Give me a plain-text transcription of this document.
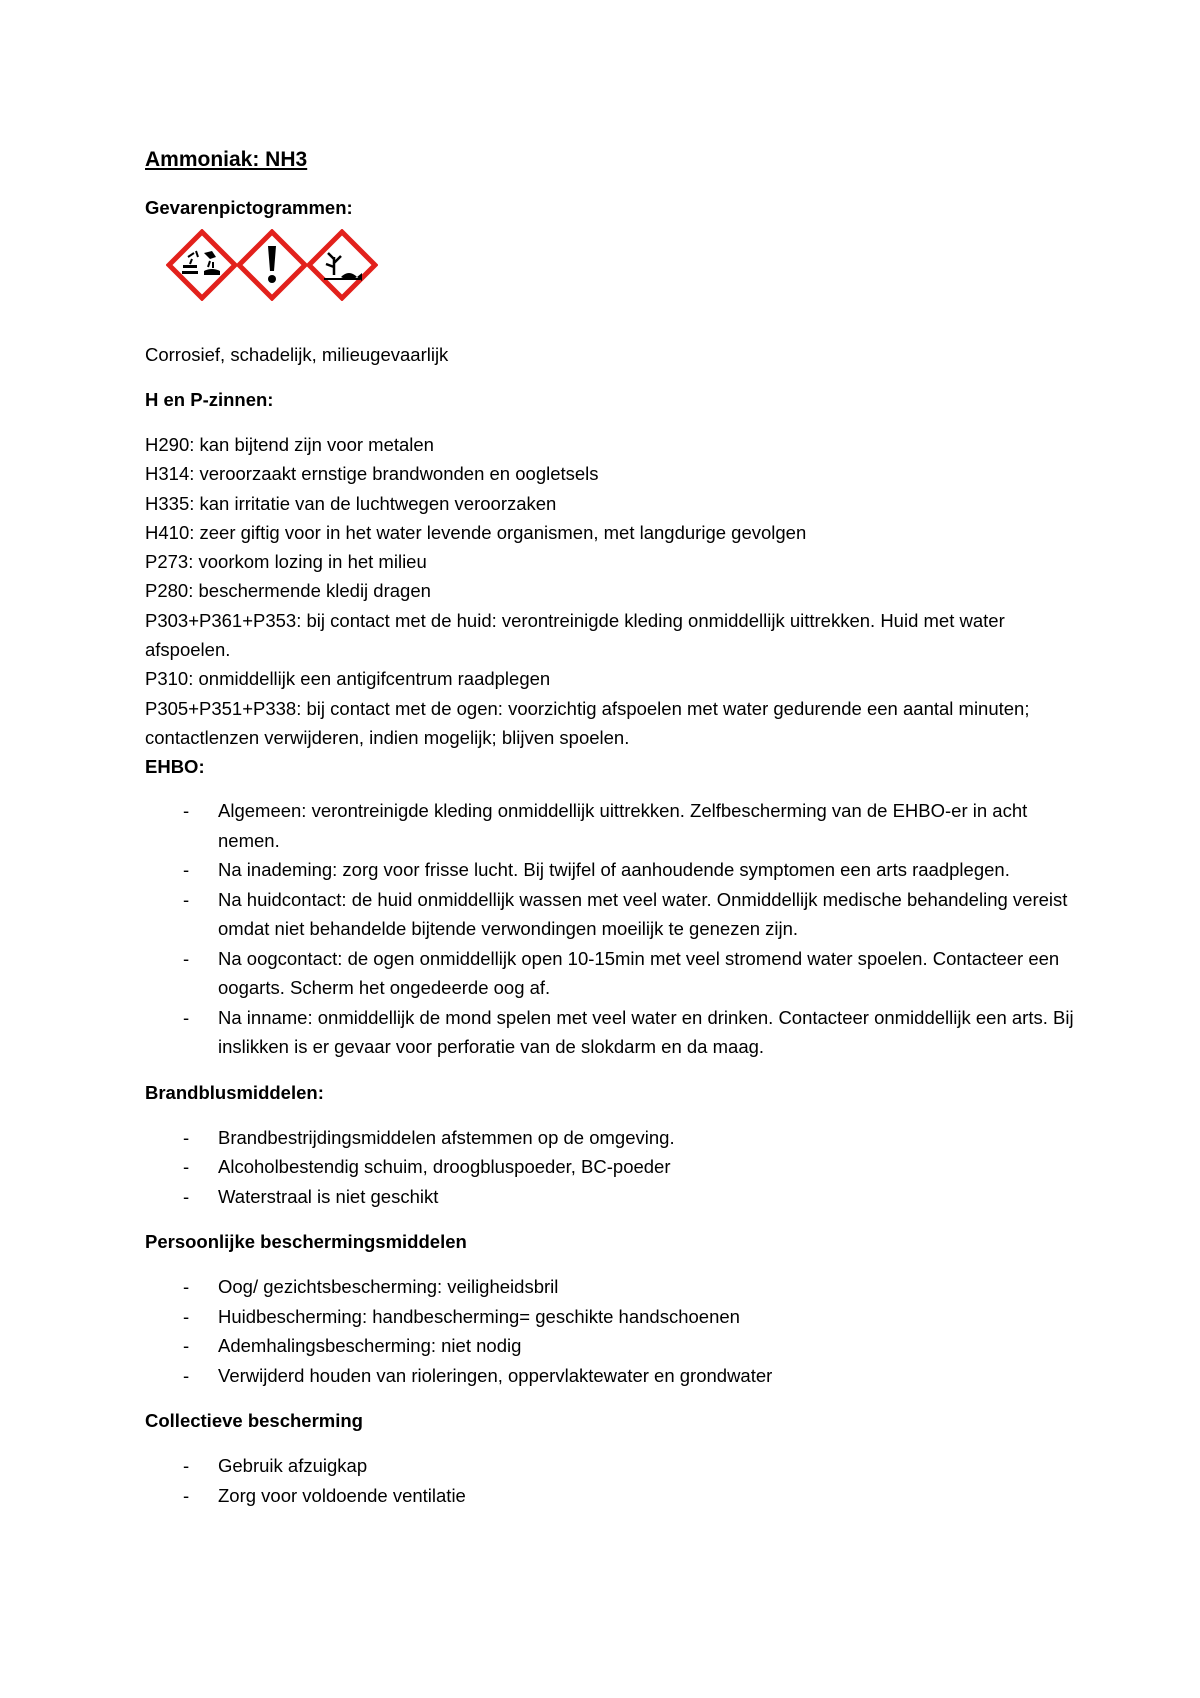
Ammoniak: NH3

Gevarenpictogrammen:

Corrosief, schadelijk, milieugevaarlijk

H en P-zinnen:

H290: kan bijtend zijn voor metalen

H314: veroorzaakt ernstige brandwonden en oogletsels

H335: kan irritatie van de luchtwegen veroorzaken

H410: zeer giftig voor in het water levende organismen, met langdurige gevolgen

P273: voorkom lozing in het milieu

P280: beschermende kledij dragen

P303+P361+P353: bij contact met de huid: verontreinigde kleding onmiddellijk uittrekken. Huid met water afspoelen.

P310: onmiddellijk een antigifcentrum raadplegen

P305+P351+P338: bij contact met de ogen: voorzichtig afspoelen met water gedurende een aantal minuten; contactlenzen verwijderen, indien mogelijk; blijven spoelen.

EHBO:

- Algemeen: verontreinigde kleding onmiddellijk uittrekken. Zelfbescherming van de EHBO-er in acht nemen.
- Na inademing: zorg voor frisse lucht. Bij twijfel of aanhoudende symptomen een arts raadplegen.
- Na huidcontact: de huid onmiddellijk wassen met veel water. Onmiddellijk medische behandeling vereist omdat niet behandelde bijtende verwondingen moeilijk te genezen zijn.
- Na oogcontact: de ogen onmiddellijk open 10-15min met veel stromend water spoelen. Contacteer een oogarts. Scherm het ongedeerde oog af.
- Na inname: onmiddellijk de mond spelen met veel water en drinken. Contacteer onmiddellijk een arts. Bij inslikken is er gevaar voor perforatie van de slokdarm en da maag.

Brandblusmiddelen:

- Brandbestrijdingsmiddelen afstemmen op de omgeving.
- Alcoholbestendig schuim, droogbluspoeder, BC-poeder
- Waterstraal is niet geschikt

Persoonlijke beschermingsmiddelen

- Oog/ gezichtsbescherming: veiligheidsbril
- Huidbescherming: handbescherming= geschikte handschoenen
- Ademhalingsbescherming: niet nodig
- Verwijderd houden van rioleringen, oppervlaktewater en grondwater

Collectieve bescherming

- Gebruik afzuigkap
- Zorg voor voldoende ventilatie
